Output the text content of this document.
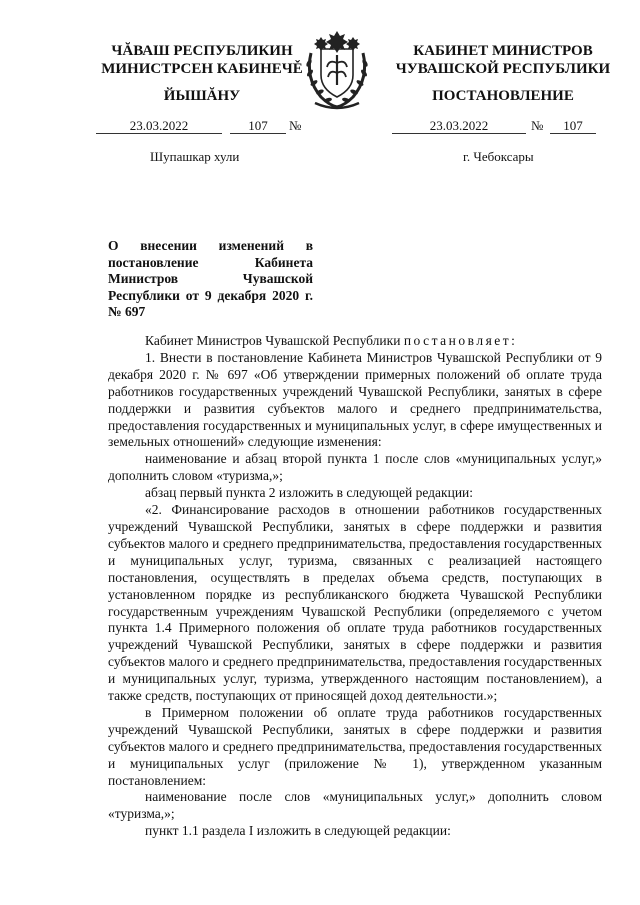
ЧĂВАШ РЕСПУБЛИКИН
МИНИСТРСЕН КАБИНЕЧĚ
ЙЫШĂНУ
КАБИНЕТ МИНИСТРОВ
ЧУВАШСКОЙ РЕСПУБЛИКИ
ПОСТАНОВЛЕНИЕ
23.03.2022	107	№	23.03.2022	№	107
Шупашкар хули	г. Чебоксары
О внесении изменений в постановление Кабинета Министров Чувашской Республики от 9 декабря 2020 г. № 697

Кабинет Министров Чувашской Республики постановляет:

1. Внести в постановление Кабинета Министров Чувашской Республики от 9 декабря 2020 г. № 697 «Об утверждении примерных положений об оплате труда работников государственных учреждений Чувашской Республики, занятых в сфере поддержки и развития субъектов малого и среднего предпринимательства, предоставления государственных и муниципальных услуг, в сфере имущественных и земельных отношений» следующие изменения:

наименование и абзац второй пункта 1 после слов «муниципальных услуг,» дополнить словом «туризма,»;

абзац первый пункта 2 изложить в следующей редакции:

«2. Финансирование расходов в отношении работников государственных учреждений Чувашской Республики, занятых в сфере поддержки и развития субъектов малого и среднего предпринимательства, предоставления государственных и муниципальных услуг, туризма, связанных с реализацией настоящего постановления, осуществлять в пределах объема средств, поступающих в установленном порядке из республиканского бюджета Чувашской Республики государственным учреждениям Чувашской Республики (определяемого с учетом пункта 1.4 Примерного положения об оплате труда работников государственных учреждений Чувашской Республики, занятых в сфере поддержки и развития субъектов малого и среднего предпринимательства, предоставления государственных и муниципальных услуг, туризма, утвержденного настоящим постановлением), а также средств, поступающих от приносящей доход деятельности.»;

в Примерном положении об оплате труда работников государственных учреждений Чувашской Республики, занятых в сфере поддержки и развития субъектов малого и среднего предпринимательства, предоставления государственных и муниципальных услуг (приложение № 1), утвержденном указанным постановлением:

наименование после слов «муниципальных услуг,» дополнить словом «туризма,»;

пункт 1.1 раздела I изложить в следующей редакции:
